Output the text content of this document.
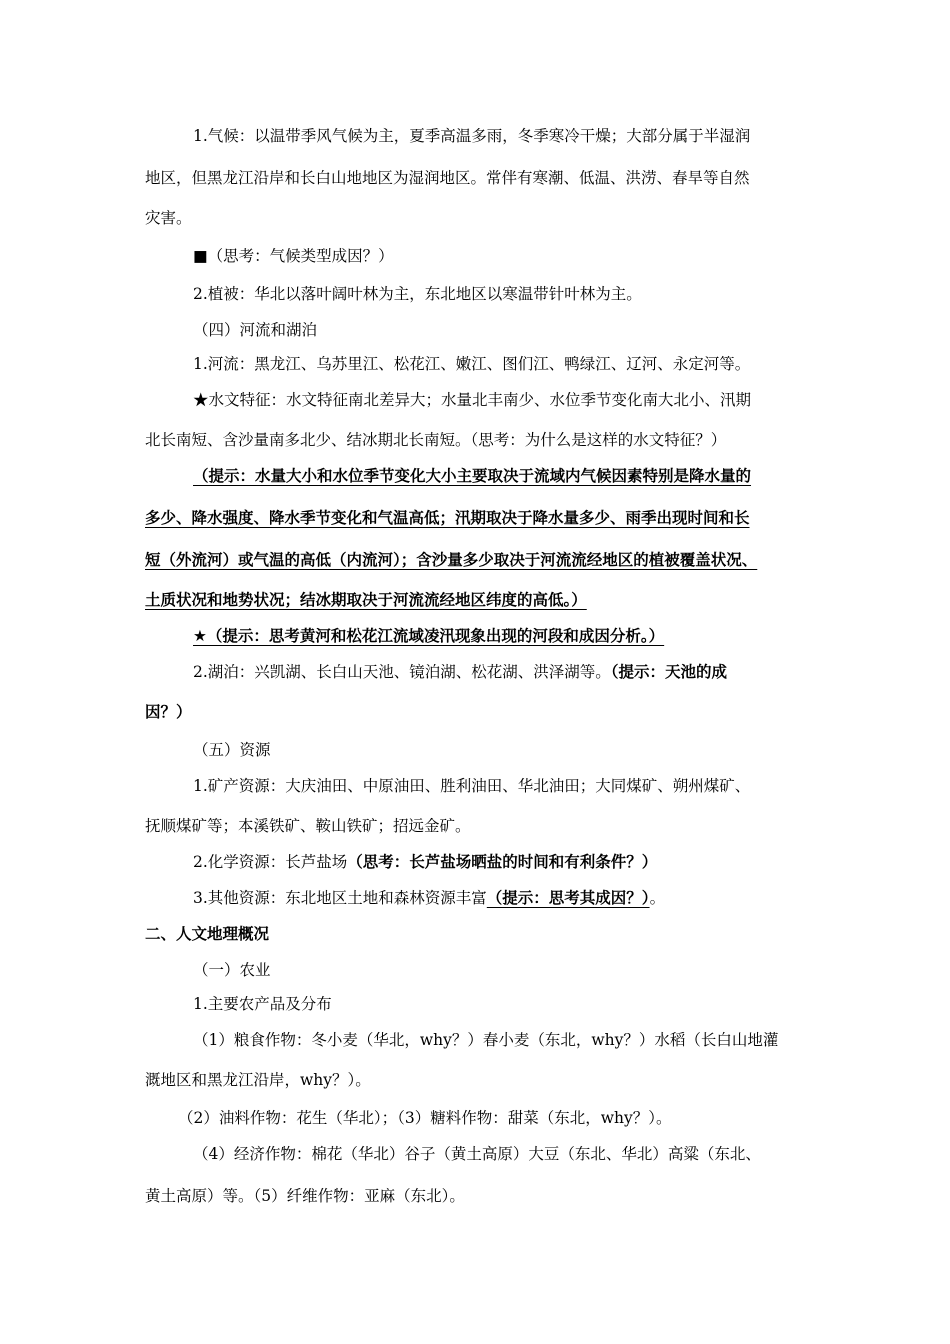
1.气候：以温带季风气候为主，夏季高温多雨，冬季寒冷干燥；大部分属于半湿润
地区，但黑龙江沿岸和长白山地地区为湿润地区。常伴有寒潮、低温、洪涝、春旱等自然
灾害。
■（思考：气候类型成因？）
2.植被：华北以落叶阔叶林为主，东北地区以寒温带针叶林为主。
（四）河流和湖泊
1.河流：黑龙江、乌苏里江、松花江、嫩江、图们江、鸭绿江、辽河、永定河等。
★水文特征：水文特征南北差异大；水量北丰南少、水位季节变化南大北小、汛期
北长南短、含沙量南多北少、结冰期北长南短。（思考：为什么是这样的水文特征？）
（提示：水量大小和水位季节变化大小主要取决于流域内气候因素特别是降水量的
多少、降水强度、降水季节变化和气温高低；汛期取决于降水量多少、雨季出现时间和长
短（外流河）或气温的高低（内流河）；含沙量多少取决于河流流经地区的植被覆盖状况、
土质状况和地势状况；结冰期取决于河流流经地区纬度的高低。）
★（提示：思考黄河和松花江流域凌汛现象出现的河段和成因分析。）
2.湖泊：兴凯湖、长白山天池、镜泊湖、松花湖、洪泽湖等。（提示：天池的成
因？）
（五）资源
1.矿产资源：大庆油田、中原油田、胜利油田、华北油田；大同煤矿、朔州煤矿、
抚顺煤矿等；本溪铁矿、鞍山铁矿；招远金矿。
2.化学资源：长芦盐场（思考：长芦盐场晒盐的时间和有利条件？）
3.其他资源：东北地区土地和森林资源丰富（提示：思考其成因？）。
二、人文地理概况
（一）农业
1.主要农产品及分布
（1）粮食作物：冬小麦（华北，why？）春小麦（东北，why？）水稻（长白山地灌
溉地区和黑龙江沿岸，why？）。
（2）油料作物：花生（华北）；（3）糖料作物：甜菜（东北，why？）。
（4）经济作物：棉花（华北）谷子（黄土高原）大豆（东北、华北）高粱（东北、
黄土高原）等。（5）纤维作物：亚麻（东北）。
